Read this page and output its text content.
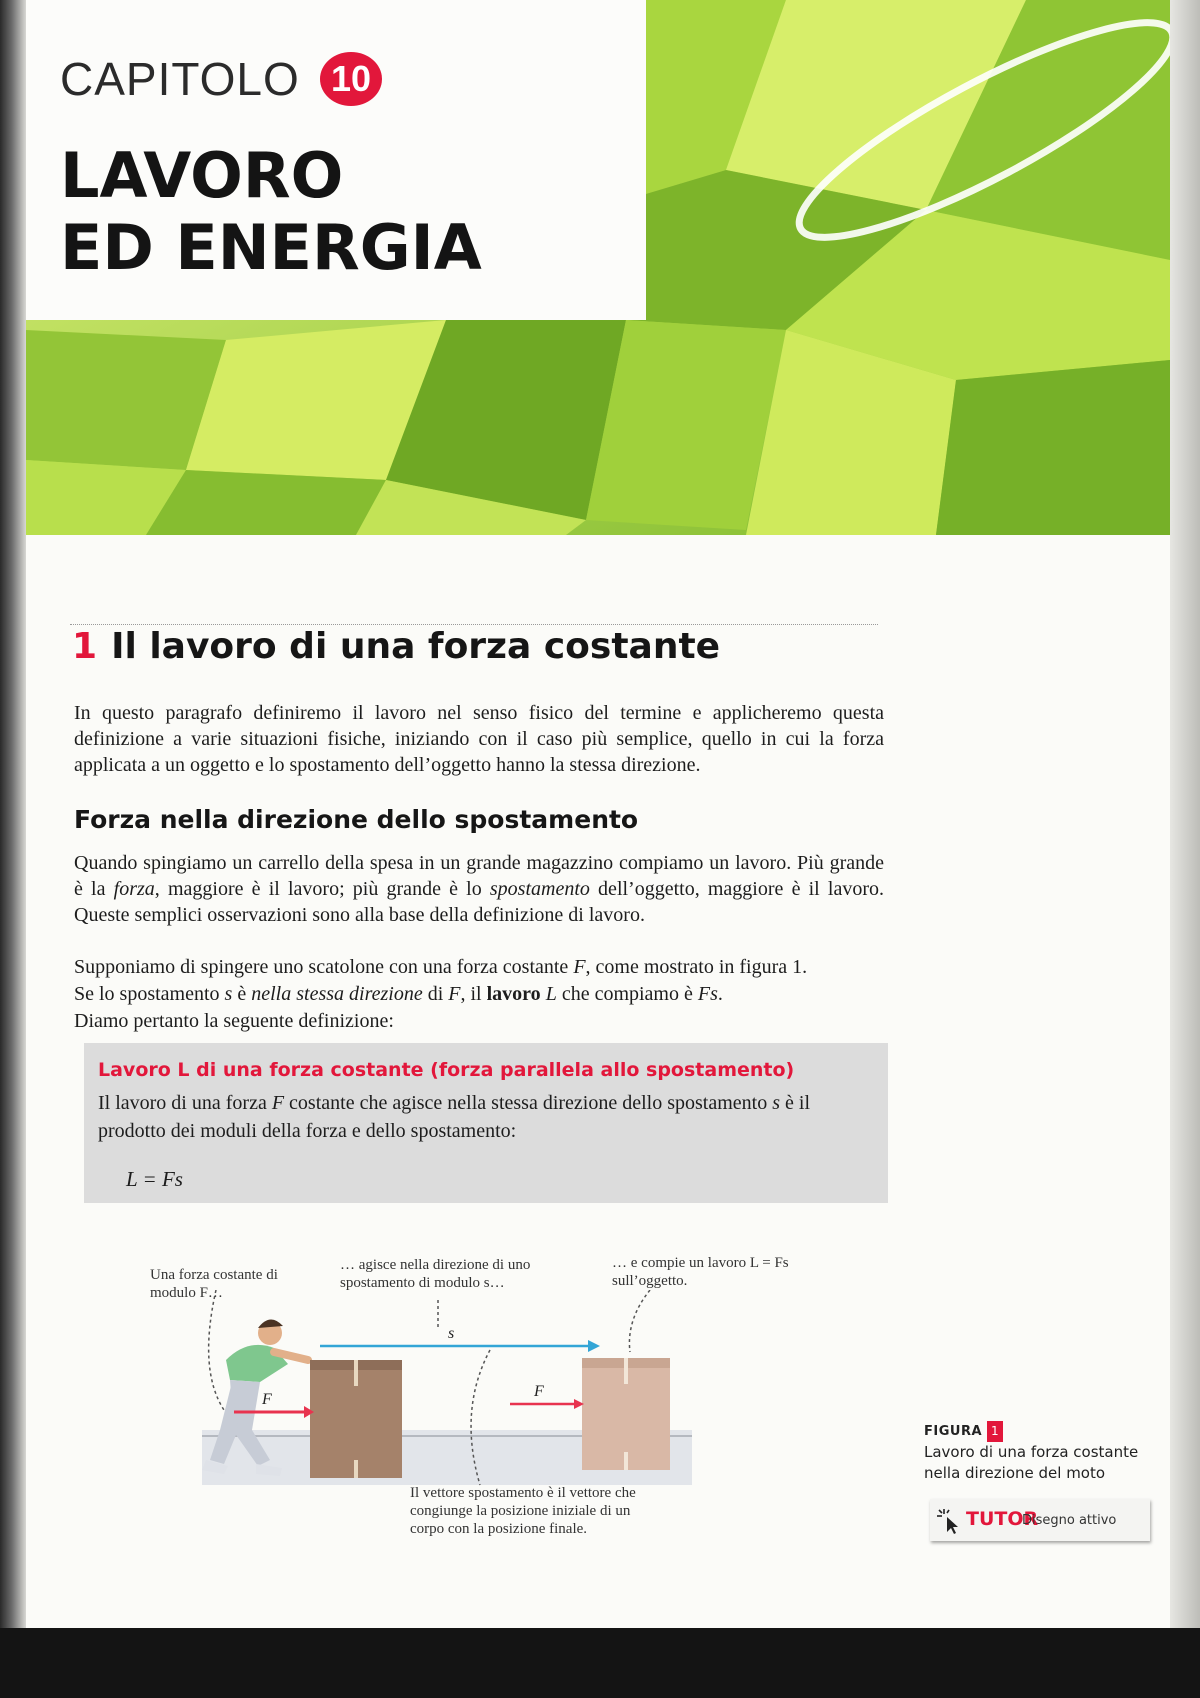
CAPITOLO 10
LAVORO
ED ENERGIA
1 Il lavoro di una forza costante
In questo paragrafo definiremo il lavoro nel senso fisico del termine e applicheremo questa definizione a varie situazioni fisiche, iniziando con il caso più semplice, quello in cui la forza applicata a un oggetto e lo spostamento dell’oggetto hanno la stessa direzione.
Forza nella direzione dello spostamento
Quando spingiamo un carrello della spesa in un grande magazzino compiamo un lavoro. Più grande è la forza, maggiore è il lavoro; più grande è lo spostamento dell’oggetto, maggiore è il lavoro. Queste semplici osservazioni sono alla base della definizione di lavoro.
Supponiamo di spingere uno scatolone con una forza costante F, come mostrato in figura 1.
Se lo spostamento s è nella stessa direzione di F, il lavoro L che compiamo è Fs.
Diamo pertanto la seguente definizione:
Lavoro L di una forza costante (forza parallela allo spostamento)
Il lavoro di una forza F costante che agisce nella stessa direzione dello spostamento s è il prodotto dei moduli della forza e dello spostamento:
L = Fs
Una forza costante di modulo F…
… agisce nella direzione di uno spostamento di modulo s…
… e compie un lavoro L = Fs sull’oggetto.
Il vettore spostamento è il vettore che congiunge la posizione iniziale di un corpo con la posizione finale.
F
s
F
FIGURA 1
Lavoro di una forza costante
nella direzione del moto
TUTOR
Disegno attivo
